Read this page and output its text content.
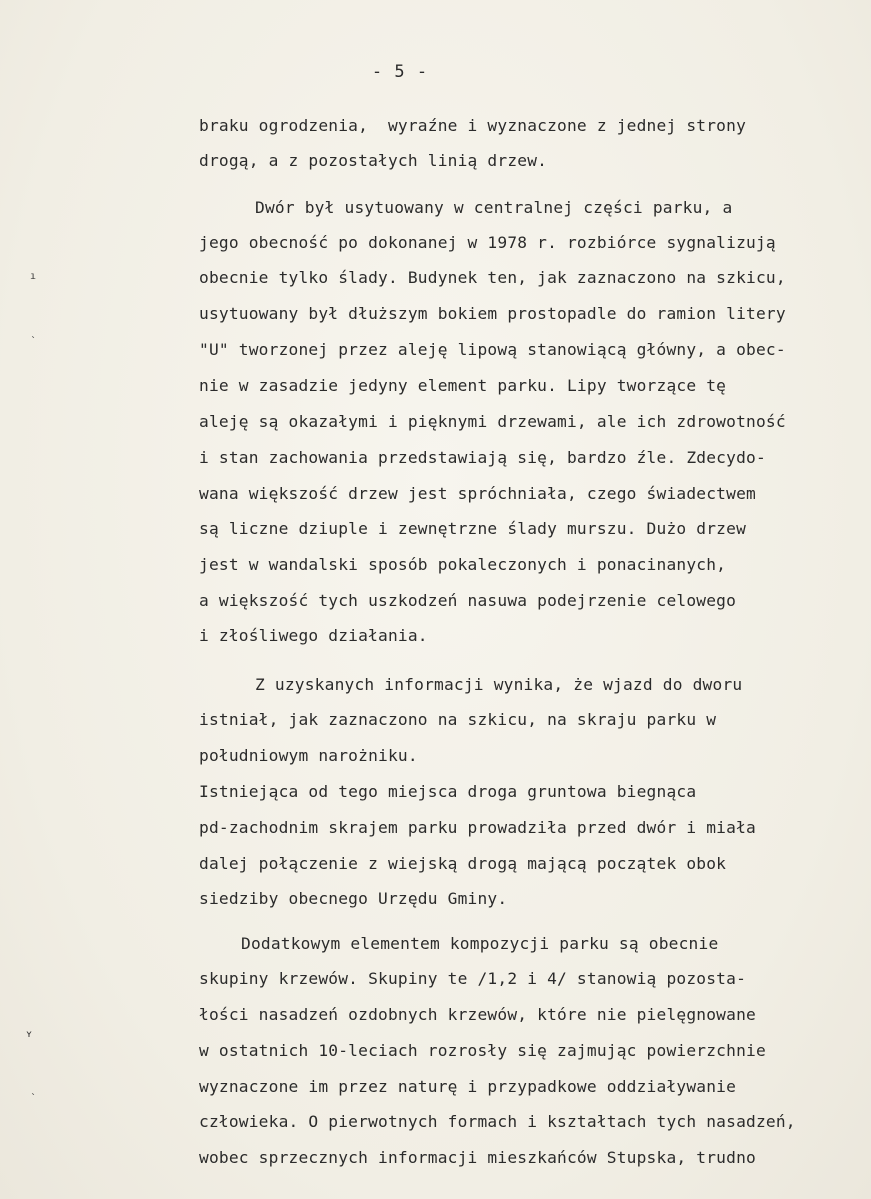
- 5 -
braku ogrodzenia,  wyraźne i wyznaczone z jednej strony
drogą, a z pozostałych linią drzew.
Dwór był usytuowany w centralnej części parku, a
jego obecność po dokonanej w 1978 r. rozbiórce sygnalizują
obecnie tylko ślady. Budynek ten, jak zaznaczono na szkicu,
usytuowany był dłuższym bokiem prostopadle do ramion litery
"U" tworzonej przez aleję lipową stanowiącą główny, a obec-
nie w zasadzie jedyny element parku. Lipy tworzące tę
aleję są okazałymi i pięknymi drzewami, ale ich zdrowotność
i stan zachowania przedstawiają się, bardzo źle. Zdecydo-
wana większość drzew jest spróchniała, czego świadectwem
są liczne dziuple i zewnętrzne ślady murszu. Dużo drzew
jest w wandalski sposób pokaleczonych i ponacinanych,
a większość tych uszkodzeń nasuwa podejrzenie celowego
i złośliwego działania.
Z uzyskanych informacji wynika, że wjazd do dworu
istniał, jak zaznaczono na szkicu, na skraju parku w
południowym narożniku.
Istniejąca od tego miejsca droga gruntowa biegnąca
pd-zachodnim skrajem parku prowadziła przed dwór i miała
dalej połączenie z wiejską drogą mającą początek obok
siedziby obecnego Urzędu Gminy.
Dodatkowym elementem kompozycji parku są obecnie
skupiny krzewów. Skupiny te /1,2 i 4/ stanowią pozosta-
łości nasadzeń ozdobnych krzewów, które nie pielęgnowane
w ostatnich 10-leciach rozrosły się zajmując powierzchnie
wyznaczone im przez naturę i przypadkowe oddziaływanie
człowieka. O pierwotnych formach i kształtach tych nasadzeń,
wobec sprzecznych informacji mieszkańców Stupska, trudno
ı
ˎ
ʏ
ˎ
